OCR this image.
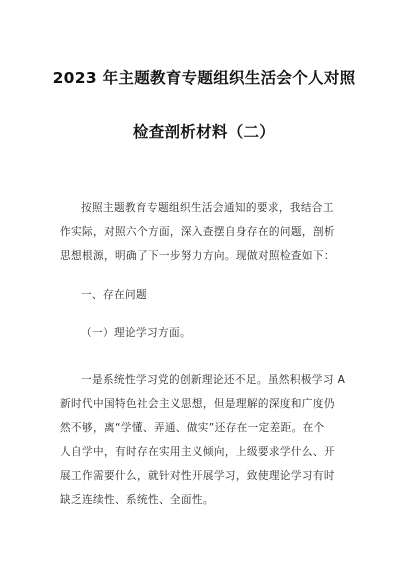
2023 年主题教育专题组织生活会个人对照
检查剖析材料（二）
按照主题教育专题组织生活会通知的要求，我结合工
作实际，对照六个方面，深入查摆自身存在的问题，剖析
思想根源，明确了下一步努力方向。现做对照检查如下：
一、存在问题
（一）理论学习方面。
一是系统性学习党的创新理论还不足。虽然积极学习 A
新时代中国特色社会主义思想，但是理解的深度和广度仍
然不够，离“学懂、弄通、做实”还存在一定差距。在个
人自学中，有时存在实用主义倾向，上级要求学什么、开
展工作需要什么，就针对性开展学习，致使理论学习有时
缺乏连续性、系统性、全面性。
